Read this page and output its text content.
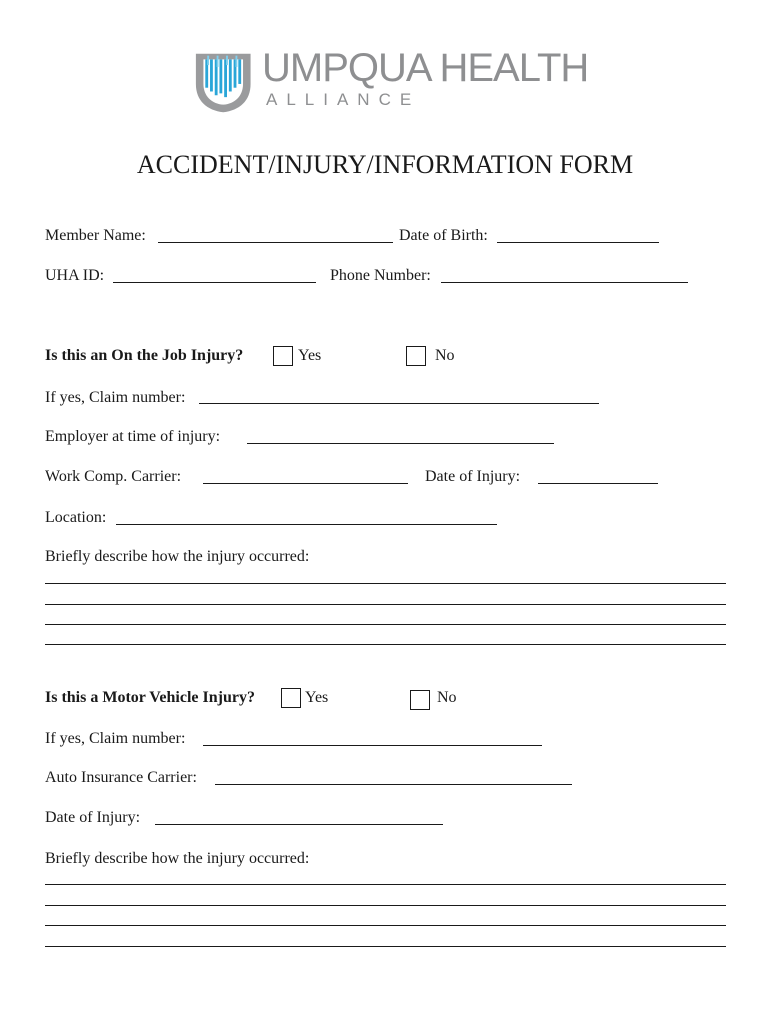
UMPQUA HEALTH
ALLIANCE
ACCIDENT/INJURY/INFORMATION FORM
Member Name:	Date of Birth:
UHA ID:	Phone Number:
Is this an On the Job Injury?	Yes	No
If yes, Claim number:
Employer at time of injury:
Work Comp. Carrier:	Date of Injury:
Location:
Briefly describe how the injury occurred:
Is this a Motor Vehicle Injury?	Yes	No
If yes, Claim number:
Auto Insurance Carrier:
Date of Injury:
Briefly describe how the injury occurred:
